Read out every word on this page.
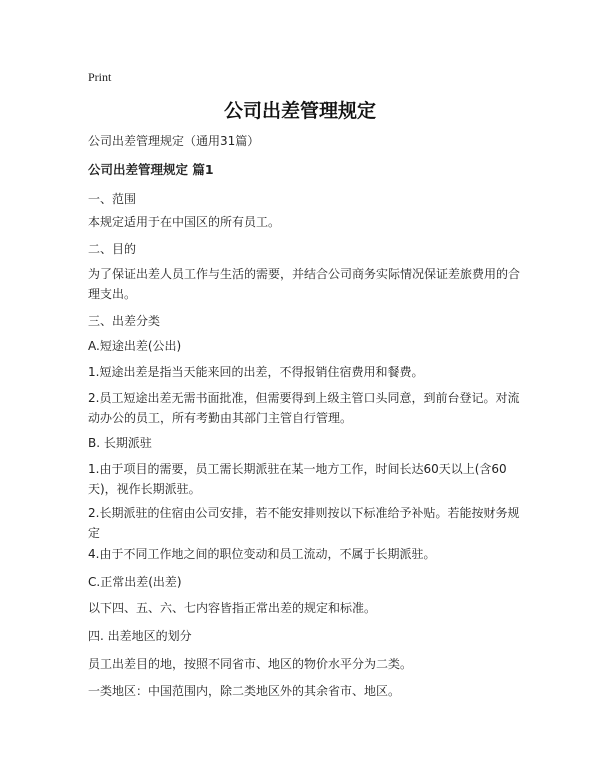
Print
公司出差管理规定
公司出差管理规定（通用31篇）
公司出差管理规定 篇1
一、范围
本规定适用于在中国区的所有员工。
二、目的
为了保证出差人员工作与生活的需要，并结合公司商务实际情况保证差旅费用的合理支出。
三、出差分类
A.短途出差(公出)
1.短途出差是指当天能来回的出差，不得报销住宿费用和餐费。
2.员工短途出差无需书面批准，但需要得到上级主管口头同意，到前台登记。对流动办公的员工，所有考勤由其部门主管自行管理。
B. 长期派驻
1.由于项目的需要，员工需长期派驻在某一地方工作，时间长达60天以上(含60天)，视作长期派驻。
2.长期派驻的住宿由公司安排，若不能安排则按以下标准给予补贴。若能按财务规定
4.由于不同工作地之间的职位变动和员工流动，不属于长期派驻。
C.正常出差(出差)
以下四、五、六、七内容皆指正常出差的规定和标准。
四. 出差地区的划分
员工出差目的地，按照不同省市、地区的物价水平分为二类。
一类地区：中国范围内，除二类地区外的其余省市、地区。
